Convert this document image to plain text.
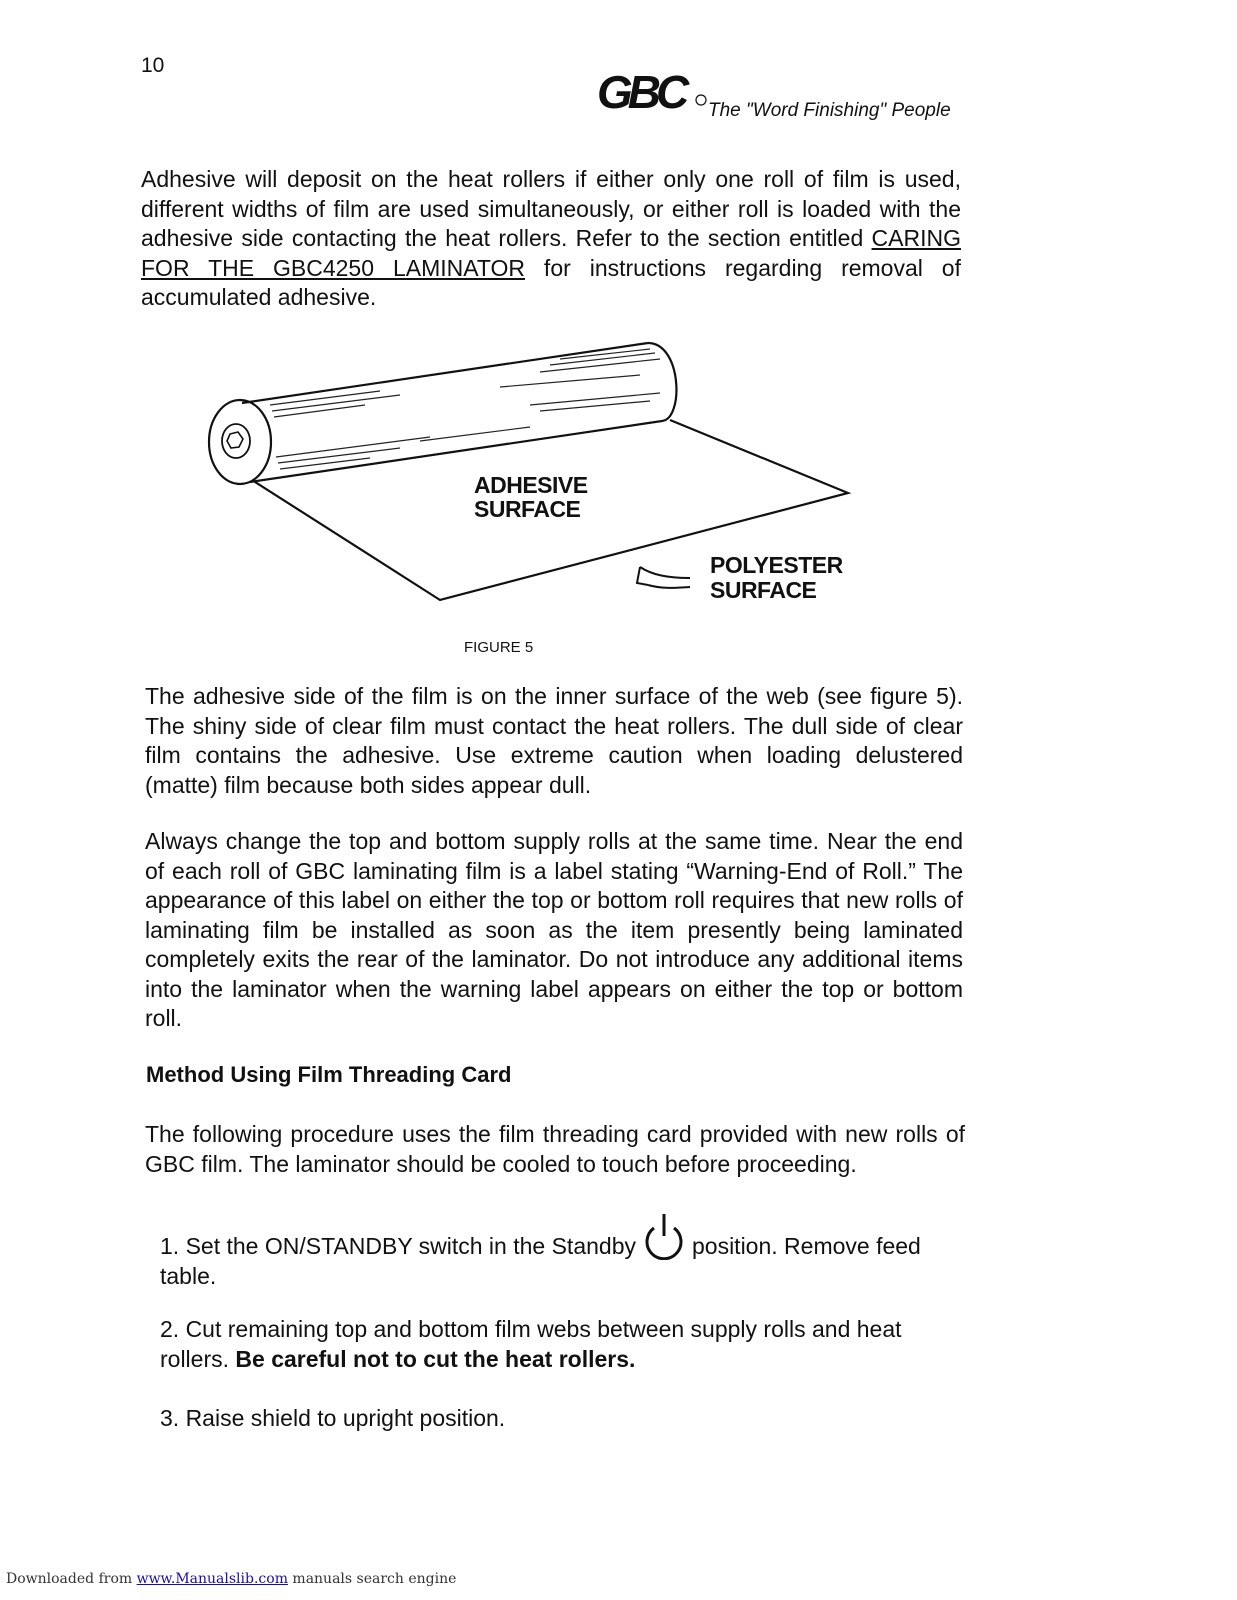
10
GBC	The "Word Finishing" People
Adhesive will deposit on the heat rollers if either only one roll of film is used, different widths of film are used simultaneously, or either roll is loaded with the adhesive side contacting the heat rollers. Refer to the section entitled CARING FOR THE GBC4250 LAMINATOR for instructions regarding removal of accumulated adhesive.
ADHESIVE
SURFACE
POLYESTER
SURFACE
FIGURE 5
The adhesive side of the film is on the inner surface of the web (see figure 5). The shiny side of clear film must contact the heat rollers. The dull side of clear film contains the adhesive. Use extreme caution when loading delustered (matte) film because both sides appear dull.
Always change the top and bottom supply rolls at the same time. Near the end of each roll of GBC laminating film is a label stating “Warning-End of Roll.” The appearance of this label on either the top or bottom roll requires that new rolls of laminating film be installed as soon as the item presently being laminated completely exits the rear of the laminator. Do not introduce any additional items into the laminator when the warning label appears on either the top or bottom roll.
Method Using Film Threading Card
The following procedure uses the film threading card provided with new rolls of GBC film. The laminator should be cooled to touch before proceeding.
1. Set the ON/STANDBY switch in the Standby position. Remove feed table.
2. Cut remaining top and bottom film webs between supply rolls and heat rollers. Be careful not to cut the heat rollers.
3. Raise shield to upright position.
Downloaded from www.Manualslib.com manuals search engine
